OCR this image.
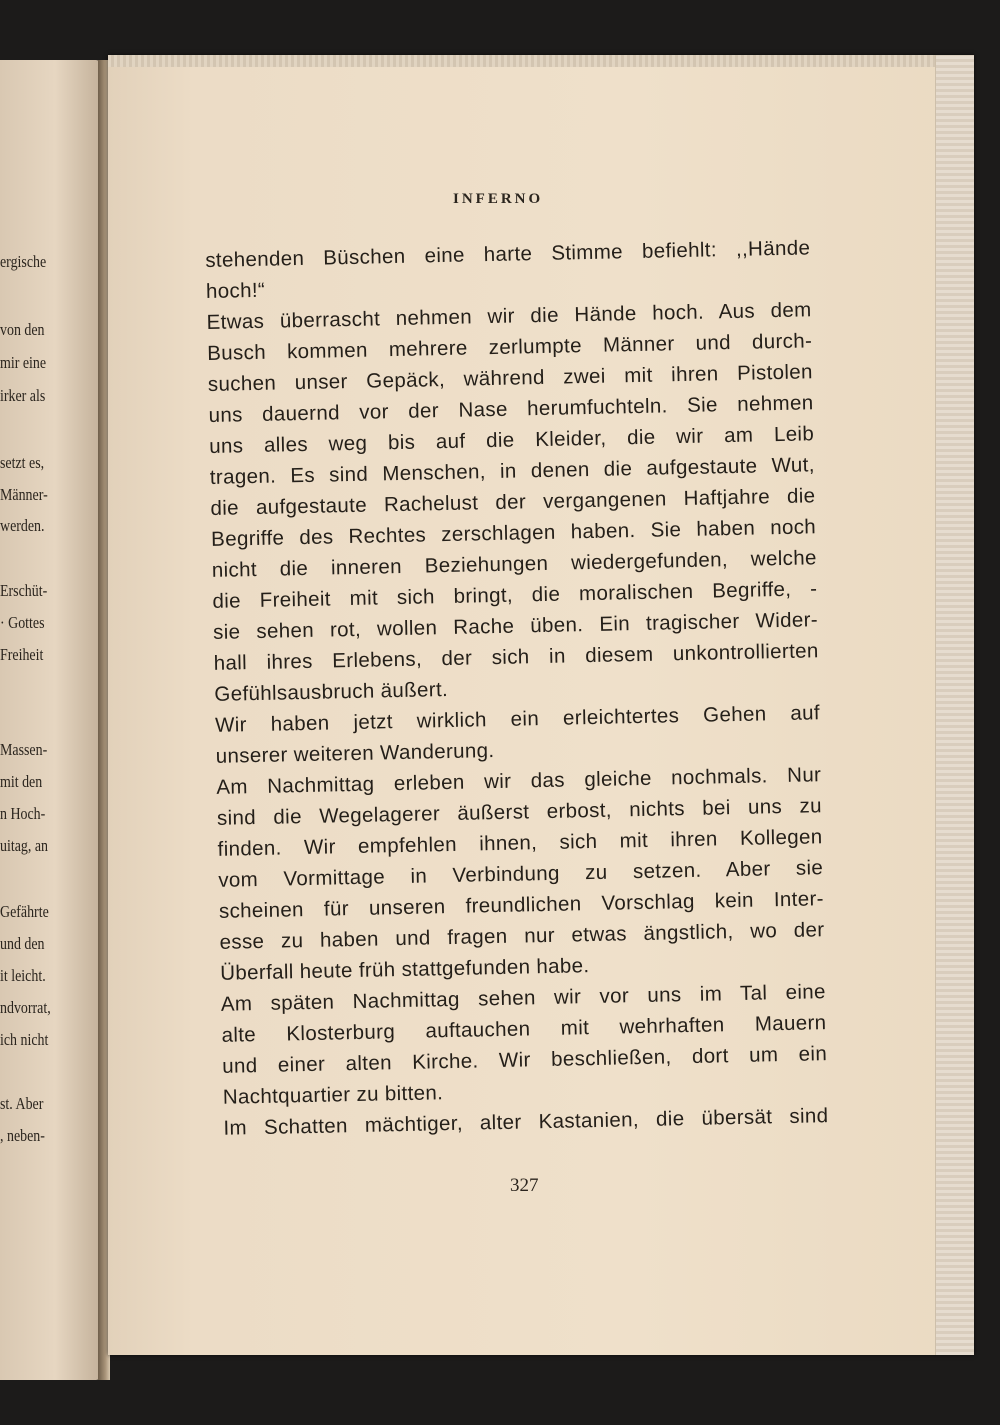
ergische
von den
mir eine
irker als
setzt es,
Männer-
werden.
Erschüt-
· Gottes
Freiheit
Massen-
mit den
n Hoch-
uitag, an
Gefährte
und den
it leicht.
ndvorrat,
ich nicht
st. Aber
, neben-
INFERNO
stehenden Büschen eine harte Stimme befiehlt: ,,Hände
hoch!“
Etwas überrascht nehmen wir die Hände hoch. Aus dem
Busch kommen mehrere zerlumpte Männer und durch-
suchen unser Gepäck, während zwei mit ihren Pistolen
uns dauernd vor der Nase herumfuchteln. Sie nehmen
uns alles weg bis auf die Kleider, die wir am Leib
tragen. Es sind Menschen, in denen die aufgestaute Wut,
die aufgestaute Rachelust der vergangenen Haftjahre die
Begriffe des Rechtes zerschlagen haben. Sie haben noch
nicht die inneren Beziehungen wiedergefunden, welche
die Freiheit mit sich bringt, die moralischen Begriffe, -
sie sehen rot, wollen Rache üben. Ein tragischer Wider-
hall ihres Erlebens, der sich in diesem unkontrollierten
Gefühlsausbruch äußert.
Wir haben jetzt wirklich ein erleichtertes Gehen auf
unserer weiteren Wanderung.
Am Nachmittag erleben wir das gleiche nochmals. Nur
sind die Wegelagerer äußerst erbost, nichts bei uns zu
finden. Wir empfehlen ihnen, sich mit ihren Kollegen
vom Vormittage in Verbindung zu setzen. Aber sie
scheinen für unseren freundlichen Vorschlag kein Inter-
esse zu haben und fragen nur etwas ängstlich, wo der
Überfall heute früh stattgefunden habe.
Am späten Nachmittag sehen wir vor uns im Tal eine
alte Klosterburg auftauchen mit wehrhaften Mauern
und einer alten Kirche. Wir beschließen, dort um ein
Nachtquartier zu bitten.
Im Schatten mächtiger, alter Kastanien, die übersät sind
327
